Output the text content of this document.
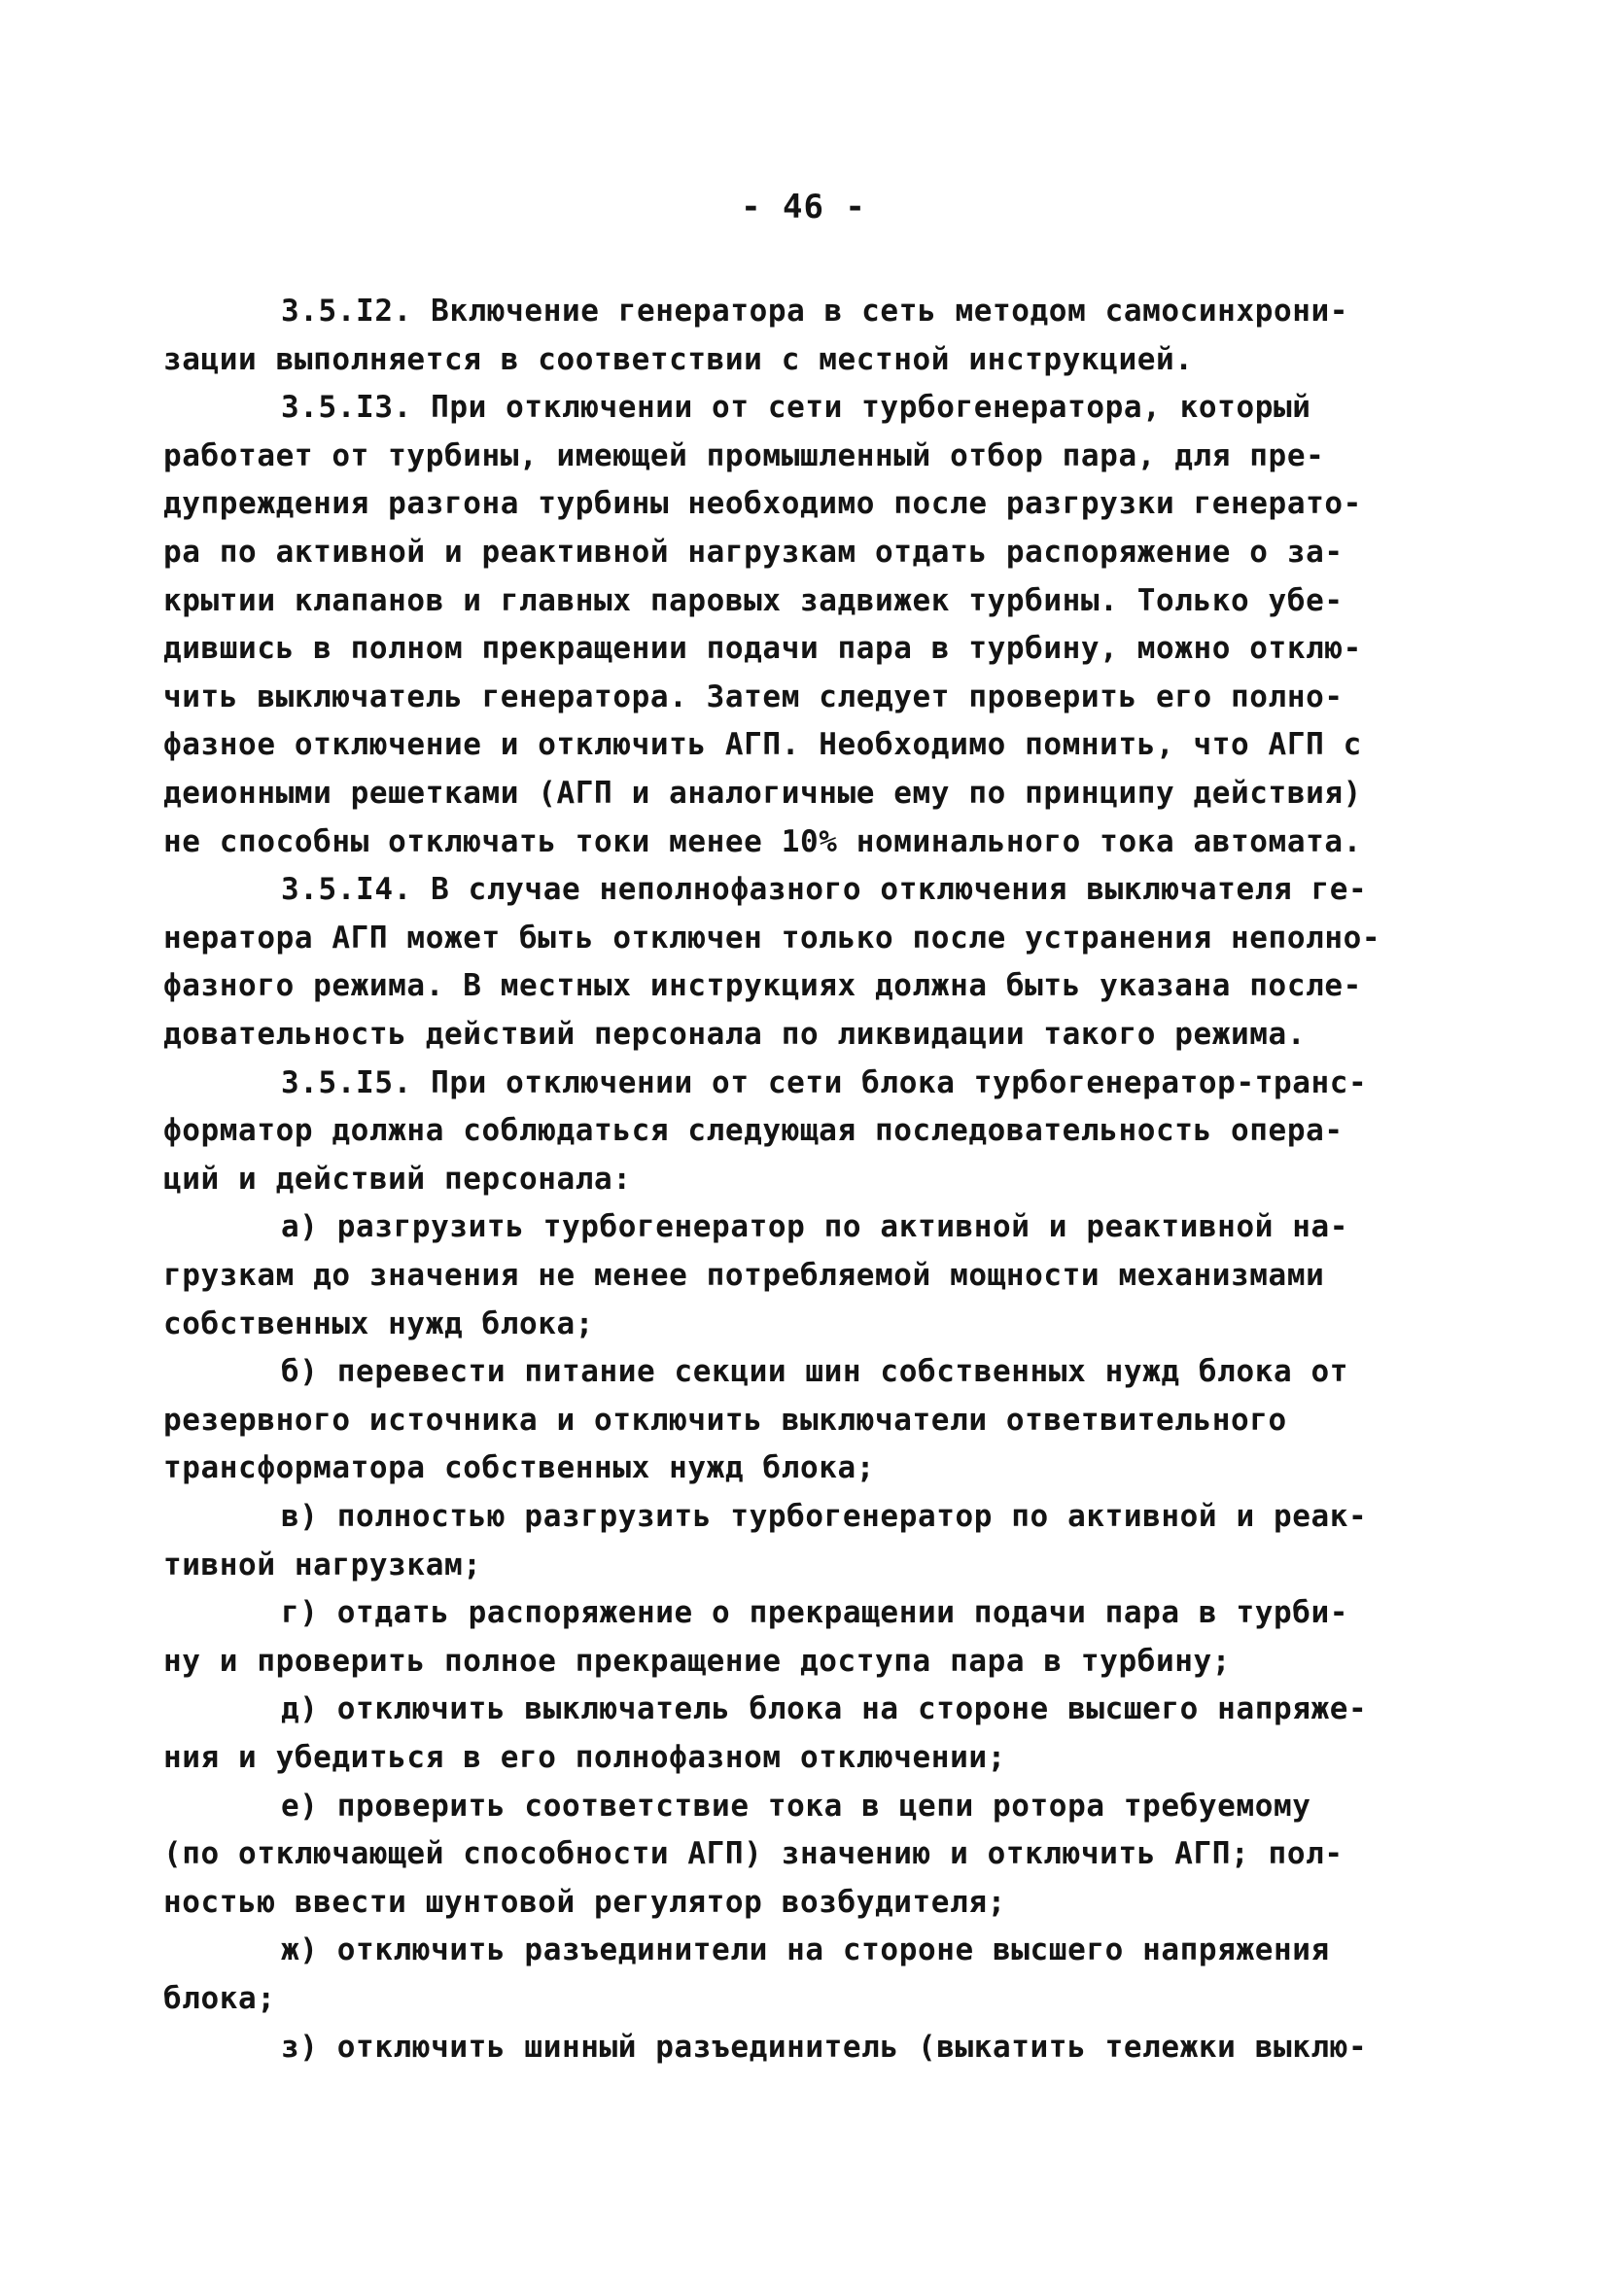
- 46 -
3.5.I2. Включение генератора в сеть методом самосинхрони-
зации выполняется в соответствии с местной инструкцией.
3.5.I3. При отключении от сети турбогенератора, который
работает от турбины, имеющей промышленный отбор пара, для пре-
дупреждения разгона турбины необходимо после разгрузки генерато-
ра по активной и реактивной нагрузкам отдать распоряжение о за-
крытии клапанов и главных паровых задвижек турбины. Только убе-
дившись в полном прекращении подачи пара в турбину, можно отклю-
чить выключатель генератора. Затем следует проверить его полно-
фазное отключение и отключить АГП. Необходимо помнить, что АГП с
деионными решетками (АГП и аналогичные ему по принципу действия)
не способны отключать токи менее 10% номинального тока автомата.
3.5.I4. В случае неполнофазного отключения выключателя ге-
нератора АГП может быть отключен только после устранения неполно-
фазного режима. В местных инструкциях должна быть указана после-
довательность действий персонала по ликвидации такого режима.
3.5.I5. При отключении от сети блока турбогенератор-транс-
форматор должна соблюдаться следующая последовательность опера-
ций и действий персонала:
а) разгрузить турбогенератор по активной и реактивной на-
грузкам до значения не менее потребляемой мощности механизмами
собственных нужд блока;
б) перевести питание секции шин собственных нужд блока от
резервного источника и отключить выключатели ответвительного
трансформатора собственных нужд блока;
в) полностью разгрузить турбогенератор по активной и реак-
тивной нагрузкам;
г) отдать распоряжение о прекращении подачи пара в турби-
ну и проверить полное прекращение доступа пара в турбину;
д) отключить выключатель блока на стороне высшего напряже-
ния и убедиться в его полнофазном отключении;
е) проверить соответствие тока в цепи ротора требуемому
(по отключающей способности АГП) значению и отключить АГП; пол-
ностью ввести шунтовой регулятор возбудителя;
ж) отключить разъединители на стороне высшего напряжения
блока;
з) отключить шинный разъединитель (выкатить тележки выклю-
